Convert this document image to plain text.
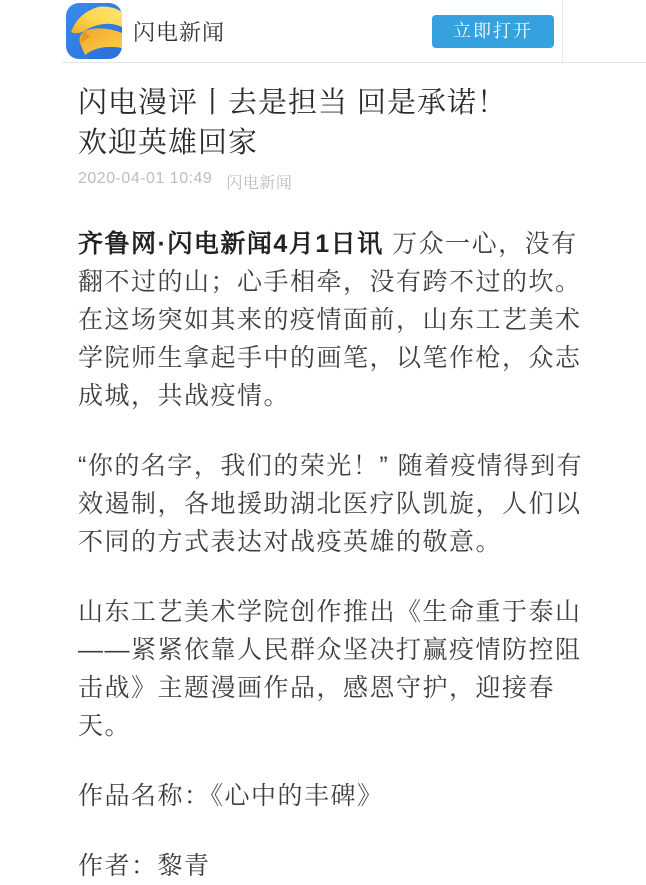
闪电新闻	立即打开
闪电漫评丨去是担当 回是承诺！
欢迎英雄回家
2020-04-01 10:49 闪电新闻

齐鲁网·闪电新闻4月1日讯 万众一心，没有翻不过的山；心手相牵，没有跨不过的坎。在这场突如其来的疫情面前，山东工艺美术学院师生拿起手中的画笔，以笔作枪，众志成城，共战疫情。

“你的名字，我们的荣光！” 随着疫情得到有效遏制，各地援助湖北医疗队凯旋，人们以不同的方式表达对战疫英雄的敬意。

山东工艺美术学院创作推出《生命重于泰山——紧紧依靠人民群众坚决打赢疫情防控阻击战》主题漫画作品，感恩守护，迎接春天。

作品名称：《心中的丰碑》

作者：黎青
